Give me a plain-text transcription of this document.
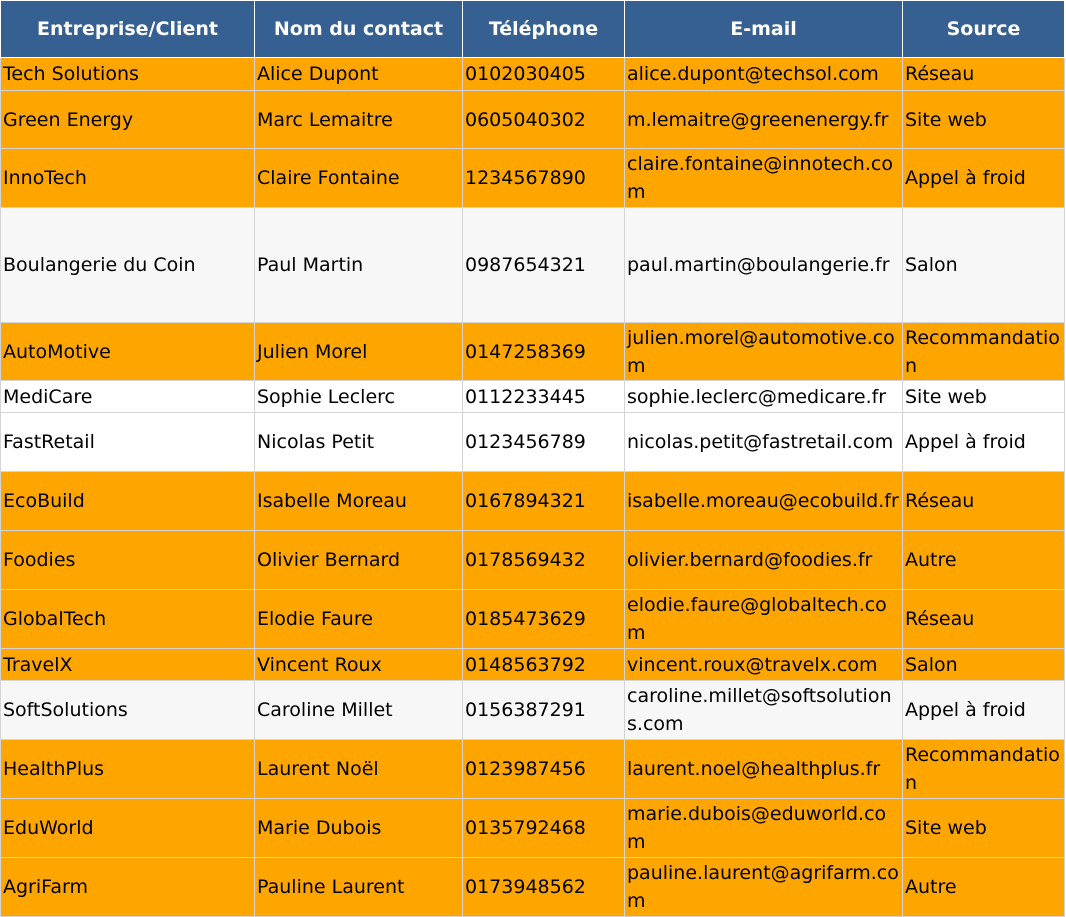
Entreprise/Client	Nom du contact	Téléphone	E-mail	Source
Tech Solutions	Alice Dupont	0102030405	alice.dupont@techsol.com	Réseau
Green Energy	Marc Lemaitre	0605040302	m.lemaitre@greenenergy.fr	Site web
InnoTech	Claire Fontaine	1234567890	claire.fontaine@innotech.com	Appel à froid
Boulangerie du Coin	Paul Martin	0987654321	paul.martin@boulangerie.fr	Salon
AutoMotive	Julien Morel	0147258369	julien.morel@automotive.com	Recommandation
MediCare	Sophie Leclerc	0112233445	sophie.leclerc@medicare.fr	Site web
FastRetail	Nicolas Petit	0123456789	nicolas.petit@fastretail.com	Appel à froid
EcoBuild	Isabelle Moreau	0167894321	isabelle.moreau@ecobuild.fr	Réseau
Foodies	Olivier Bernard	0178569432	olivier.bernard@foodies.fr	Autre
GlobalTech	Elodie Faure	0185473629	elodie.faure@globaltech.com	Réseau
TravelX	Vincent Roux	0148563792	vincent.roux@travelx.com	Salon
SoftSolutions	Caroline Millet	0156387291	caroline.millet@softsolutions.com	Appel à froid
HealthPlus	Laurent Noël	0123987456	laurent.noel@healthplus.fr	Recommandation
EduWorld	Marie Dubois	0135792468	marie.dubois@eduworld.com	Site web
AgriFarm	Pauline Laurent	0173948562	pauline.laurent@agrifarm.com	Autre
